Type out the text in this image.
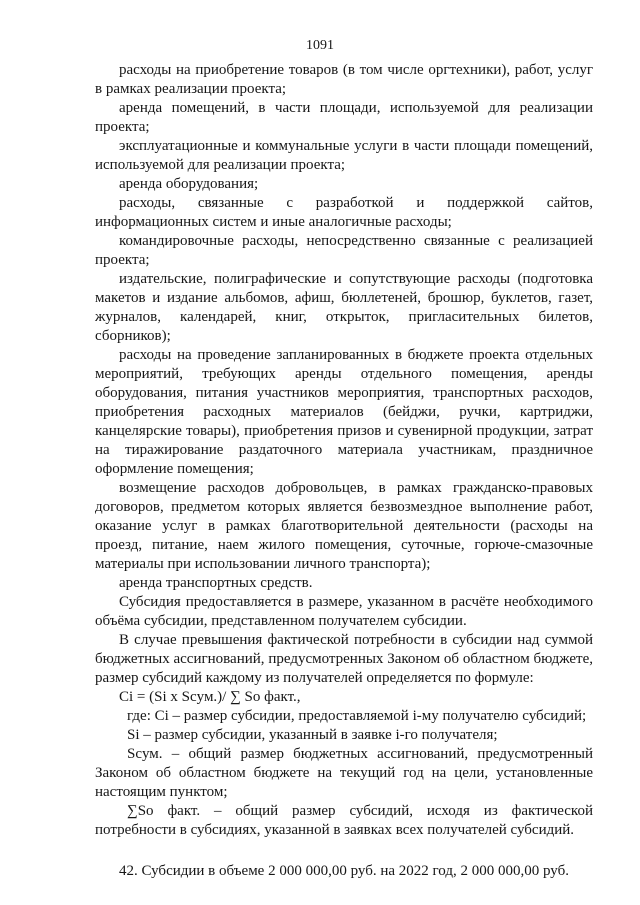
1091

расходы на приобретение товаров (в том числе оргтехники), работ, услуг в рамках реализации проекта;

аренда помещений, в части площади, используемой для реализации проекта;

эксплуатационные и коммунальные услуги в части площади помещений, используемой для реализации проекта;

аренда оборудования;

расходы, связанные с разработкой и поддержкой сайтов, информационных систем и иные аналогичные расходы;

командировочные расходы, непосредственно связанные с реализацией проекта;

издательские, полиграфические и сопутствующие расходы (подготовка макетов и издание альбомов, афиш, бюллетеней, брошюр, буклетов, газет, журналов, календарей, книг, открыток, пригласительных билетов, сборников);

расходы на проведение запланированных в бюджете проекта отдельных мероприятий, требующих аренды отдельного помещения, аренды оборудования, питания участников мероприятия, транспортных расходов, приобретения расходных материалов (бейджи, ручки, картриджи, канцелярские товары), приобретения призов и сувенирной продукции, затрат на тиражирование раздаточного материала участникам, праздничное оформление помещения;

возмещение расходов добровольцев, в рамках гражданско-правовых договоров, предметом которых является безвозмездное выполнение работ, оказание услуг в рамках благотворительной деятельности (расходы на проезд, питание, наем жилого помещения, суточные, горюче-смазочные материалы при использовании личного транспорта);

аренда транспортных средств.

Субсидия предоставляется в размере, указанном в расчёте необходимого объёма субсидии, представленном получателем субсидии.

В случае превышения фактической потребности в субсидии над суммой бюджетных ассигнований, предусмотренных Законом об областном бюджете, размер субсидий каждому из получателей определяется по формуле:

Ci = (Si x Scум.)/ ∑ So факт.,

где: Ci – размер субсидии, предоставляемой i-му получателю субсидий;

Si – размер субсидии, указанный в заявке i-го получателя;

Scум. – общий размер бюджетных ассигнований, предусмотренный Законом об областном бюджете на текущий год на цели, установленные настоящим пунктом;

∑So факт. – общий размер субсидий, исходя из фактической потребности в субсидиях, указанной в заявках всех получателей субсидий.

42. Субсидии в объеме 2 000 000,00 руб. на 2022 год, 2 000 000,00 руб.
